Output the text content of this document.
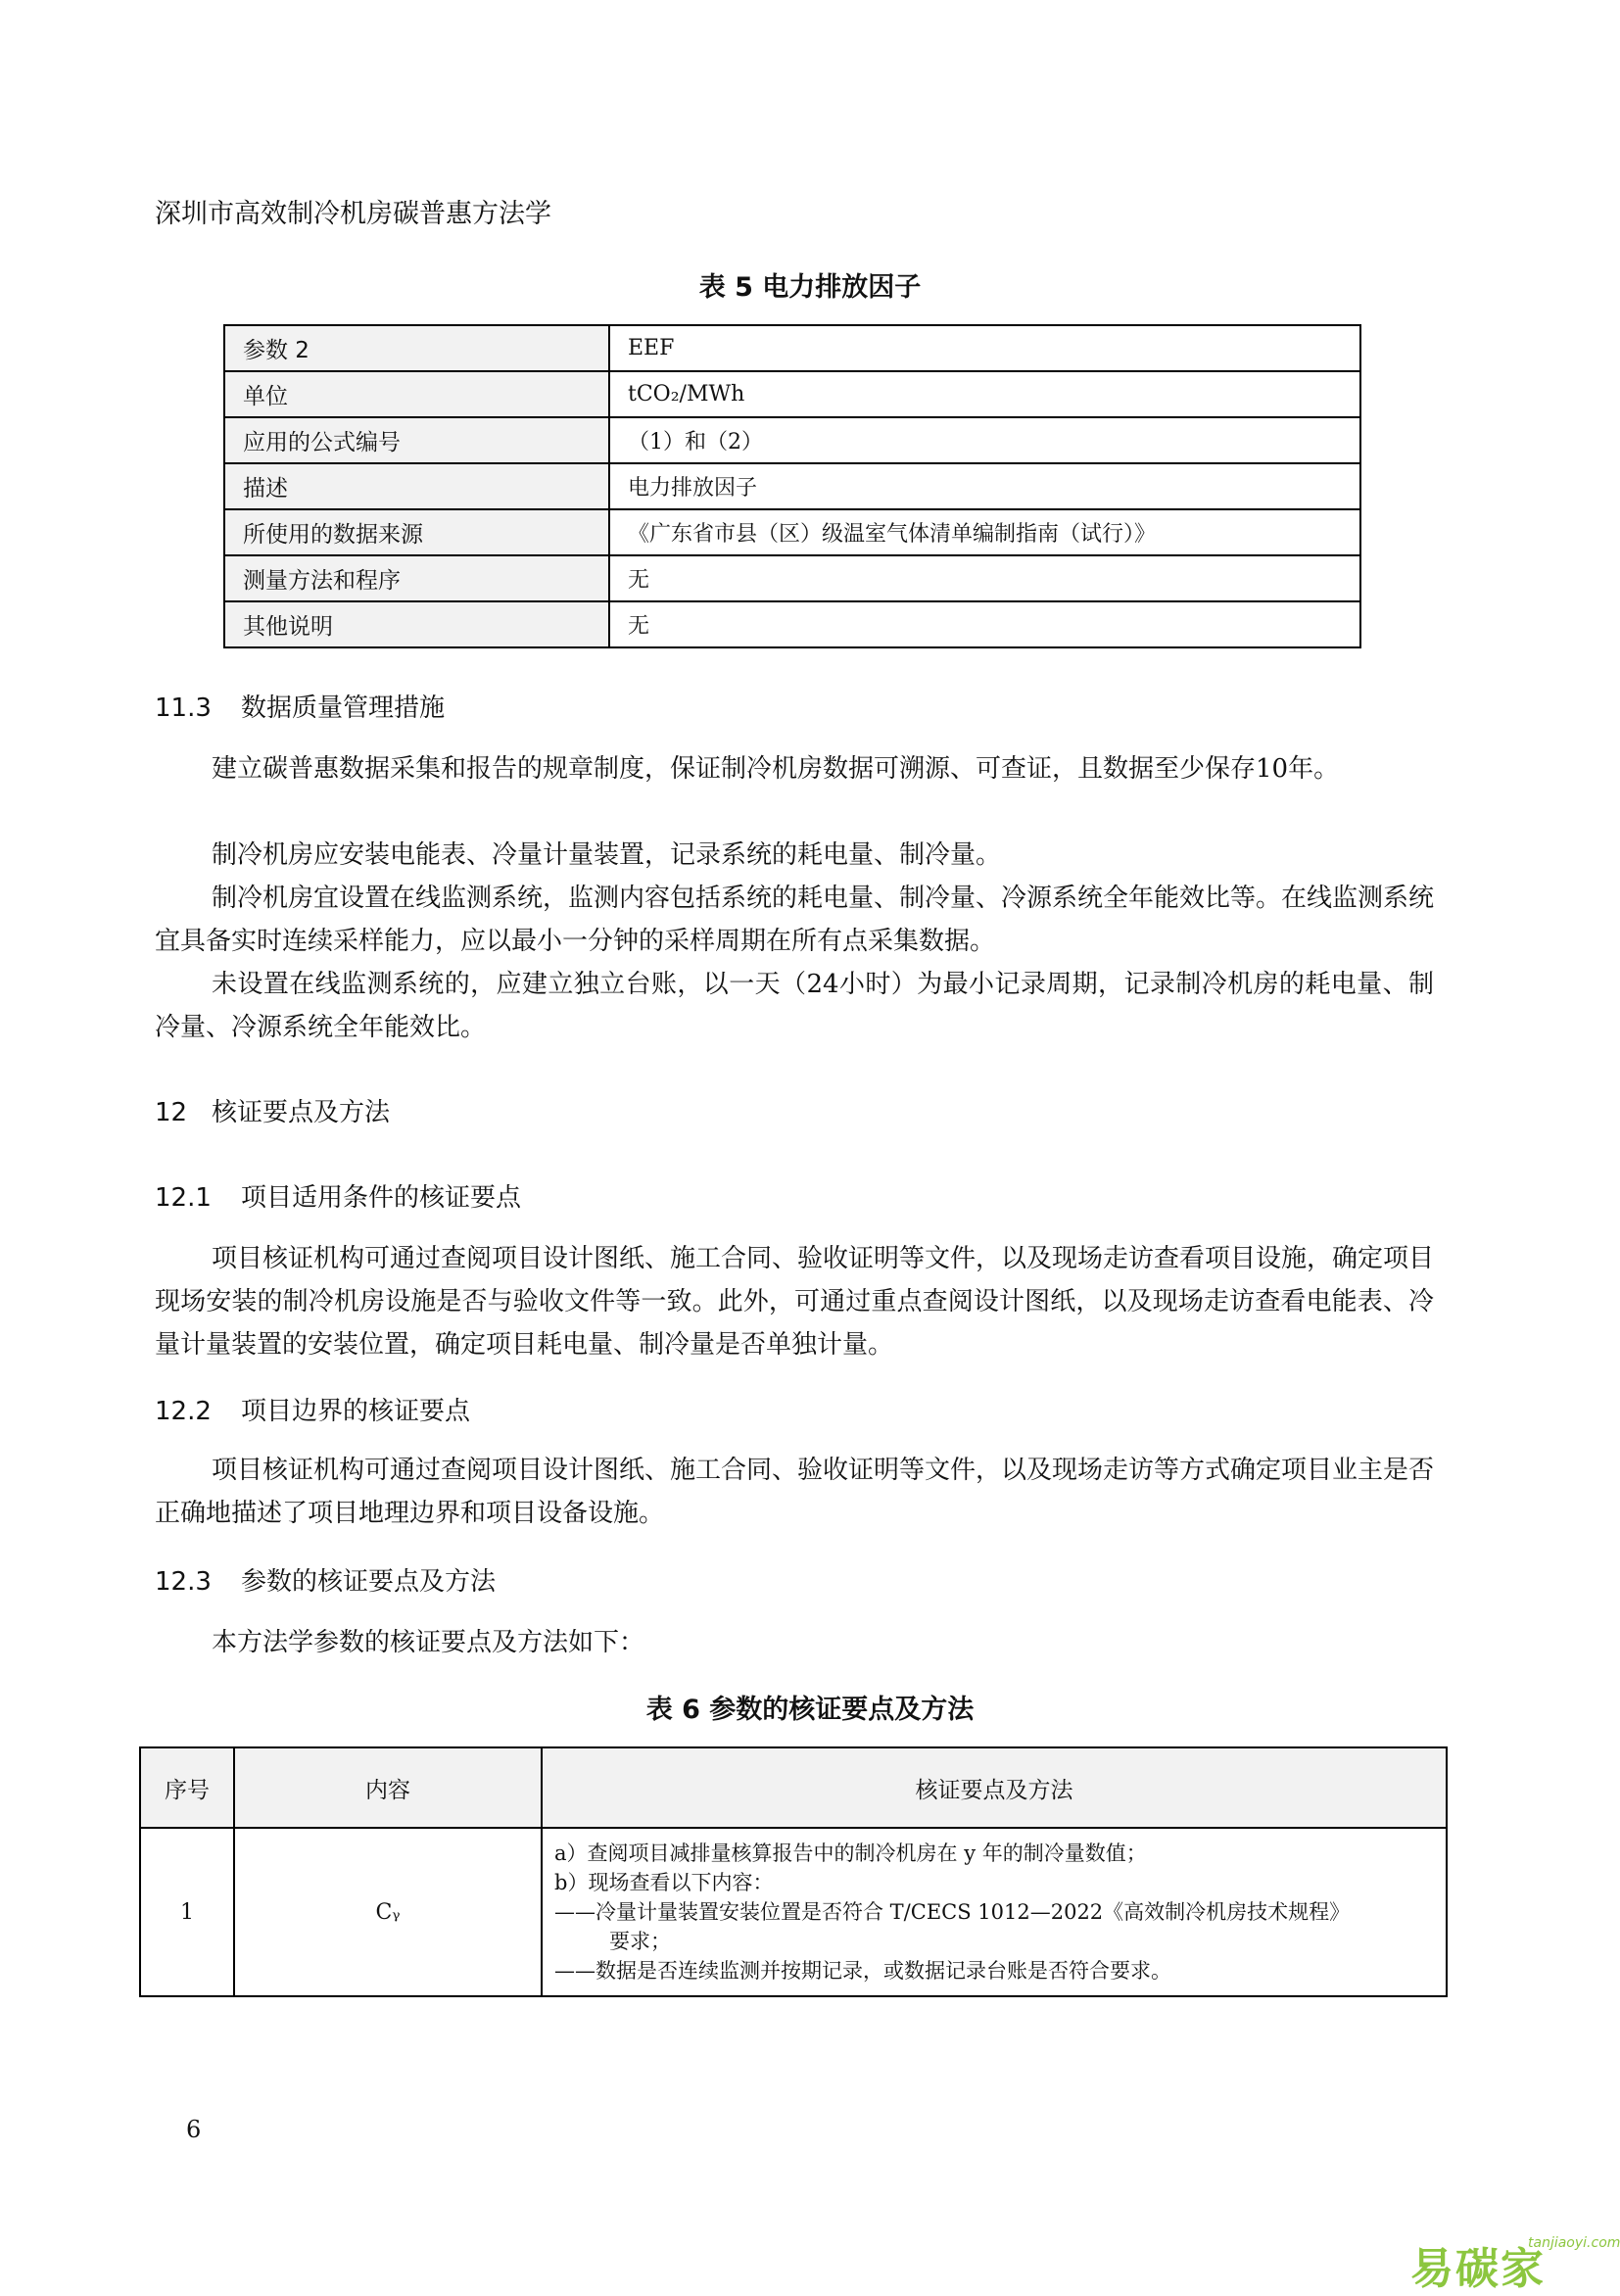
深圳市高效制冷机房碳普惠方法学
表 5 电力排放因子
参数 2	EEF
单位	tCO₂/MWh
应用的公式编号	（1）和（2）
描述	电力排放因子
所使用的数据来源	《广东省市县（区）级温室气体清单编制指南（试行）》
测量方法和程序	无
其他说明	无
11.3 数据质量管理措施

建立碳普惠数据采集和报告的规章制度，保证制冷机房数据可溯源、可查证，且数据至少保存10年。

制冷机房应安装电能表、冷量计量装置，记录系统的耗电量、制冷量。

制冷机房宜设置在线监测系统，监测内容包括系统的耗电量、制冷量、冷源系统全年能效比等。在线监测系统宜具备实时连续采样能力，应以最小一分钟的采样周期在所有点采集数据。

未设置在线监测系统的，应建立独立台账，以一天（24小时）为最小记录周期，记录制冷机房的耗电量、制冷量、冷源系统全年能效比。

12 核证要点及方法
12.1 项目适用条件的核证要点

项目核证机构可通过查阅项目设计图纸、施工合同、验收证明等文件，以及现场走访查看项目设施，确定项目现场安装的制冷机房设施是否与验收文件等一致。此外，可通过重点查阅设计图纸，以及现场走访查看电能表、冷量计量装置的安装位置，确定项目耗电量、制冷量是否单独计量。

12.2 项目边界的核证要点

项目核证机构可通过查阅项目设计图纸、施工合同、验收证明等文件，以及现场走访等方式确定项目业主是否正确地描述了项目地理边界和项目设备设施。

12.3 参数的核证要点及方法

本方法学参数的核证要点及方法如下：

表 6 参数的核证要点及方法
序号	内容	核证要点及方法
1	Cᵧ	a）查阅项目减排量核算报告中的制冷机房在 y 年的制冷量数值；
b）现场查看以下内容：
——冷量计量装置安装位置是否符合 T/CECS 1012—2022《高效制冷机房技术规程》
要求；
——数据是否连续监测并按期记录，或数据记录台账是否符合要求。
6
易碳家
tanjiaoyi.com
